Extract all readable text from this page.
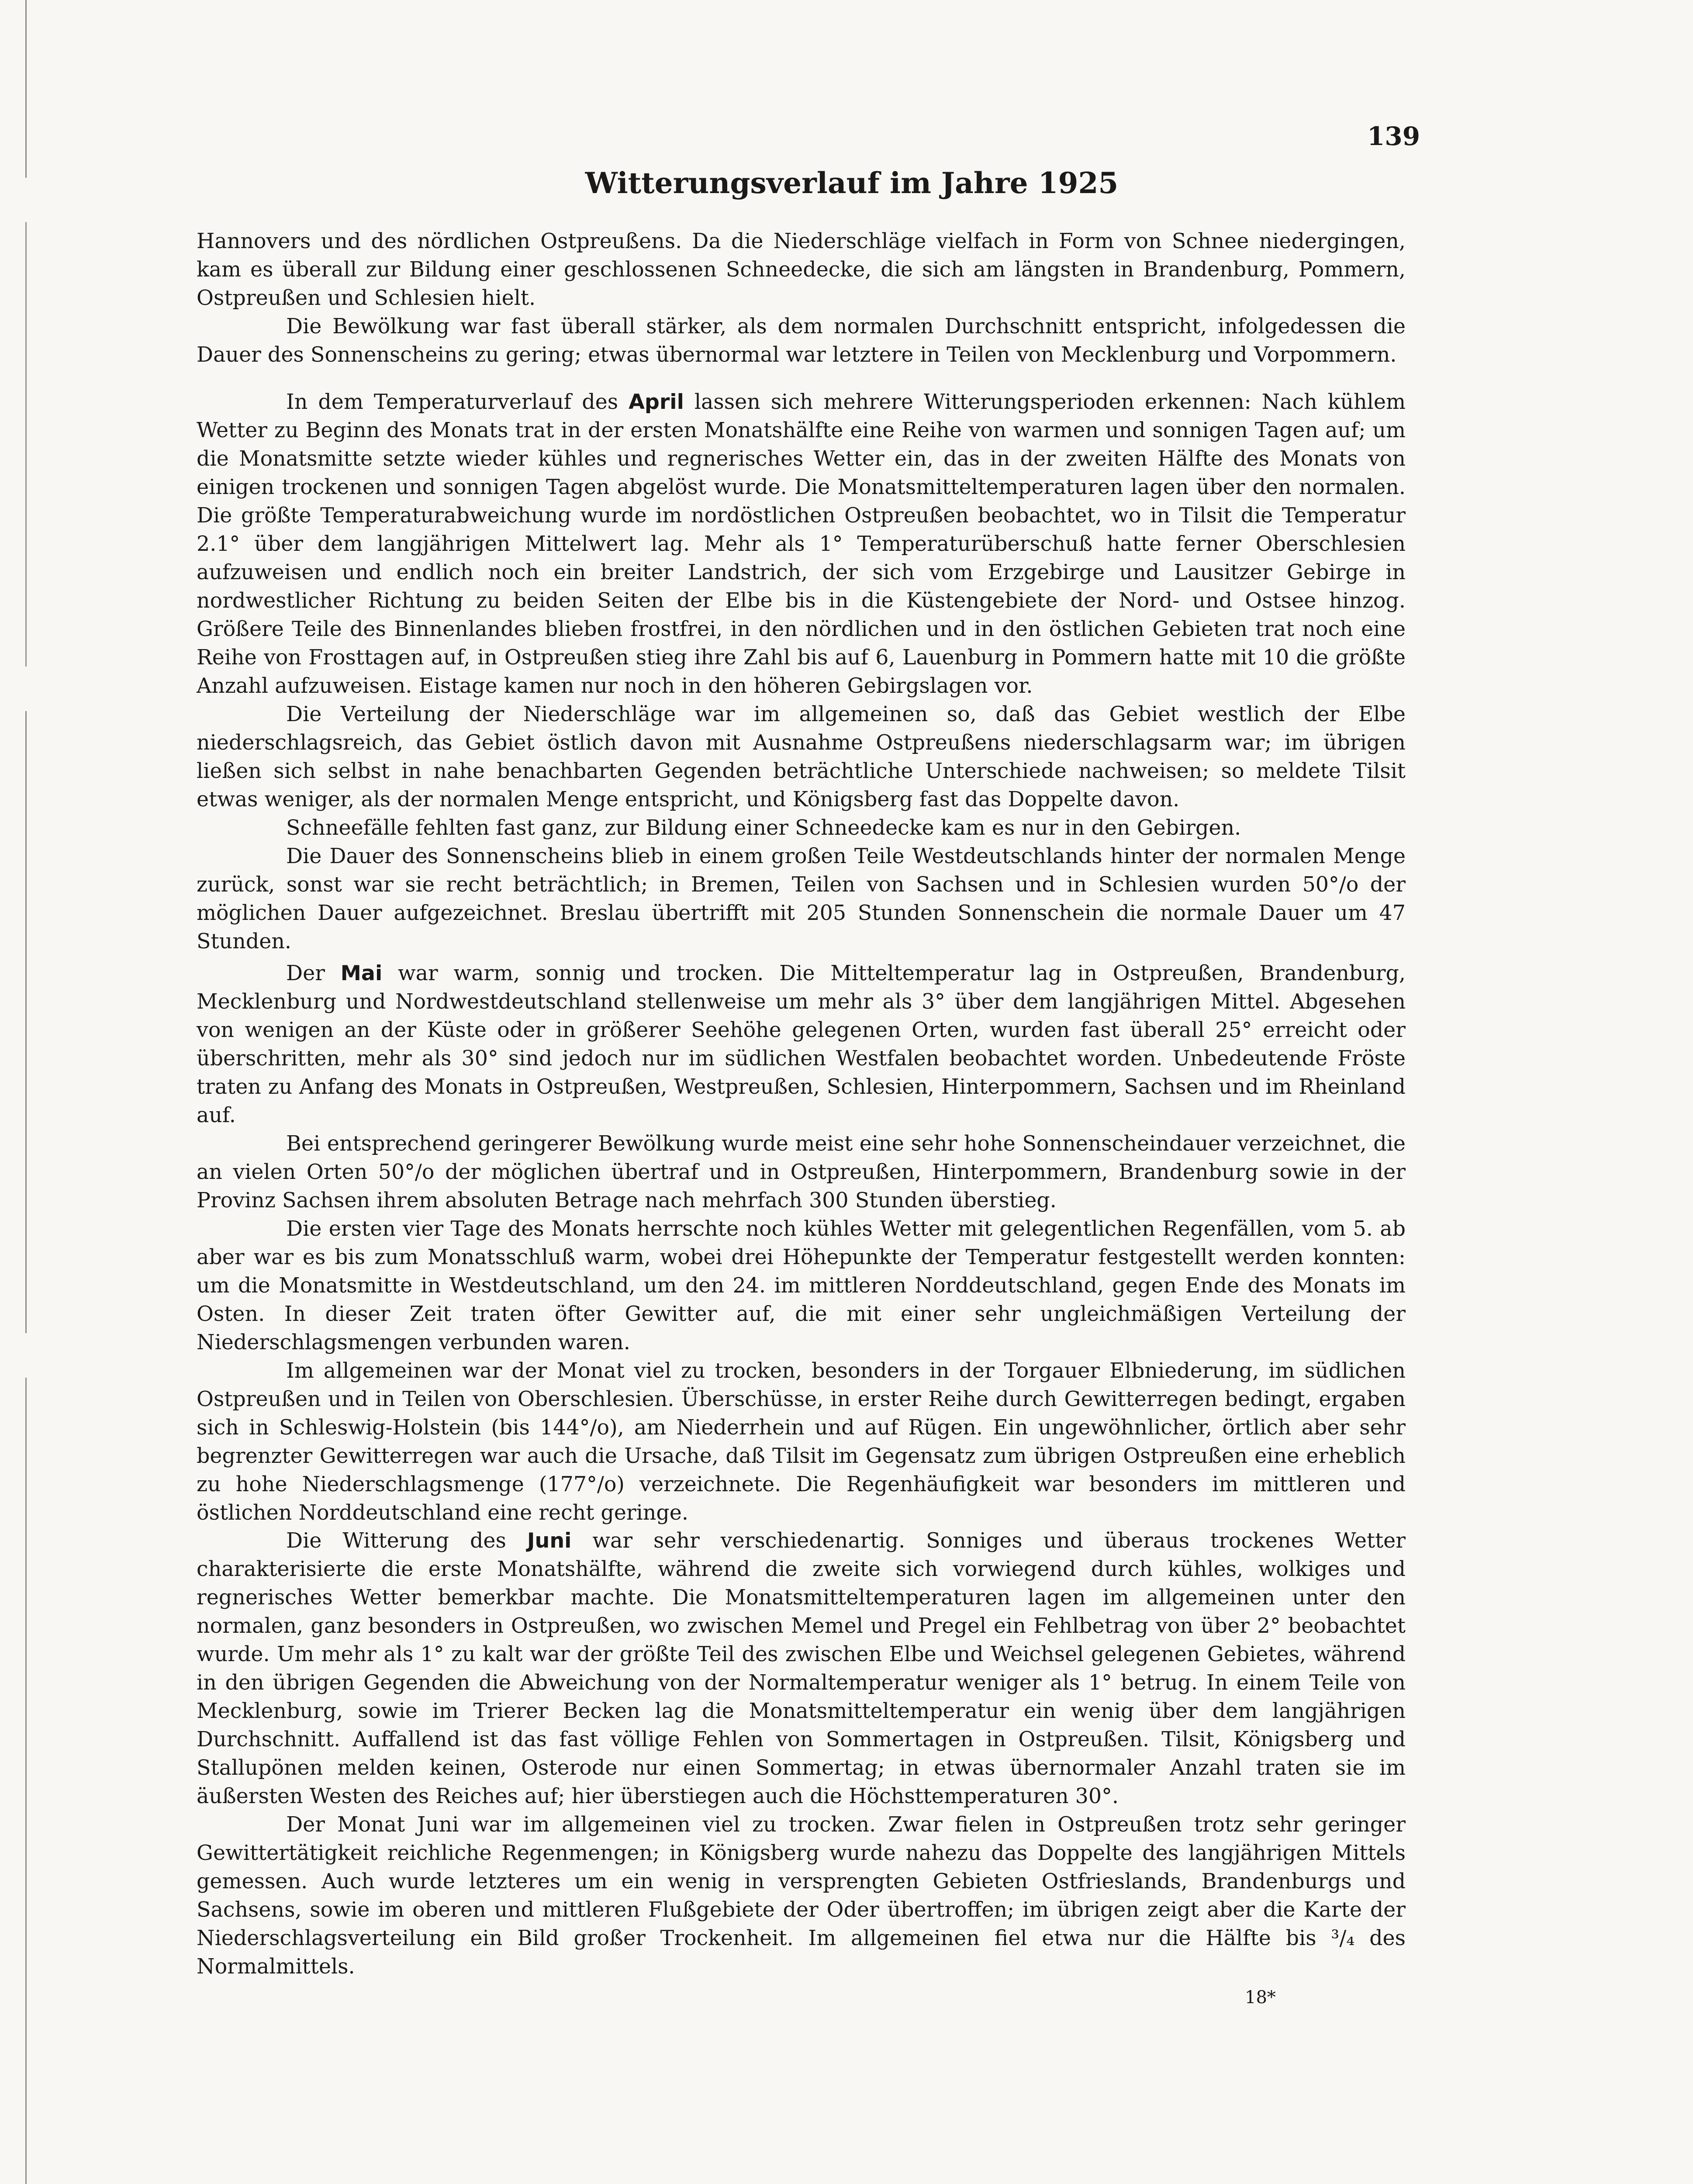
139
Witterungsverlauf im Jahre 1925

Hannovers und des nördlichen Ostpreußens. Da die Niederschläge vielfach in Form von Schnee niedergingen, kam es überall zur Bildung einer geschlossenen Schneedecke, die sich am längsten in Brandenburg, Pommern, Ostpreußen und Schlesien hielt.

Die Bewölkung war fast überall stärker, als dem normalen Durchschnitt entspricht, infolgedessen die Dauer des Sonnenscheins zu gering; etwas übernormal war letztere in Teilen von Mecklenburg und Vorpommern.

In dem Temperaturverlauf des April lassen sich mehrere Witterungsperioden erkennen: Nach kühlem Wetter zu Beginn des Monats trat in der ersten Monatshälfte eine Reihe von warmen und sonnigen Tagen auf; um die Monatsmitte setzte wieder kühles und regnerisches Wetter ein, das in der zweiten Hälfte des Monats von einigen trockenen und sonnigen Tagen abgelöst wurde. Die Monatsmitteltemperaturen lagen über den normalen. Die größte Temperaturabweichung wurde im nordöstlichen Ostpreußen beobachtet, wo in Tilsit die Temperatur 2.1° über dem langjährigen Mittelwert lag. Mehr als 1° Temperaturüberschuß hatte ferner Oberschlesien aufzuweisen und endlich noch ein breiter Landstrich, der sich vom Erzgebirge und Lausitzer Gebirge in nordwestlicher Richtung zu beiden Seiten der Elbe bis in die Küstengebiete der Nord- und Ostsee hinzog. Größere Teile des Binnenlandes blieben frostfrei, in den nördlichen und in den östlichen Gebieten trat noch eine Reihe von Frosttagen auf, in Ostpreußen stieg ihre Zahl bis auf 6, Lauenburg in Pommern hatte mit 10 die größte Anzahl aufzuweisen. Eistage kamen nur noch in den höheren Gebirgslagen vor.

Die Verteilung der Niederschläge war im allgemeinen so, daß das Gebiet westlich der Elbe niederschlagsreich, das Gebiet östlich davon mit Ausnahme Ostpreußens niederschlagsarm war; im übrigen ließen sich selbst in nahe benachbarten Gegenden beträchtliche Unterschiede nachweisen; so meldete Tilsit etwas weniger, als der normalen Menge entspricht, und Königsberg fast das Doppelte davon.

Schneefälle fehlten fast ganz, zur Bildung einer Schneedecke kam es nur in den Gebirgen.

Die Dauer des Sonnenscheins blieb in einem großen Teile Westdeutschlands hinter der normalen Menge zurück, sonst war sie recht beträchtlich; in Bremen, Teilen von Sachsen und in Schlesien wurden 50°/o der möglichen Dauer aufgezeichnet. Breslau übertrifft mit 205 Stunden Sonnenschein die normale Dauer um 47 Stunden.

Der Mai war warm, sonnig und trocken. Die Mitteltemperatur lag in Ostpreußen, Brandenburg, Mecklenburg und Nordwestdeutschland stellenweise um mehr als 3° über dem langjährigen Mittel. Abgesehen von wenigen an der Küste oder in größerer Seehöhe gelegenen Orten, wurden fast überall 25° erreicht oder überschritten, mehr als 30° sind jedoch nur im südlichen Westfalen beobachtet worden. Unbedeutende Fröste traten zu Anfang des Monats in Ostpreußen, Westpreußen, Schlesien, Hinterpommern, Sachsen und im Rheinland auf.

Bei entsprechend geringerer Bewölkung wurde meist eine sehr hohe Sonnenscheindauer verzeichnet, die an vielen Orten 50°/o der möglichen übertraf und in Ostpreußen, Hinterpommern, Brandenburg sowie in der Provinz Sachsen ihrem absoluten Betrage nach mehrfach 300 Stunden überstieg.

Die ersten vier Tage des Monats herrschte noch kühles Wetter mit gelegentlichen Regenfällen, vom 5. ab aber war es bis zum Monatsschluß warm, wobei drei Höhepunkte der Temperatur festgestellt werden konnten: um die Monatsmitte in Westdeutschland, um den 24. im mittleren Norddeutschland, gegen Ende des Monats im Osten. In dieser Zeit traten öfter Gewitter auf, die mit einer sehr ungleichmäßigen Verteilung der Niederschlagsmengen verbunden waren.

Im allgemeinen war der Monat viel zu trocken, besonders in der Torgauer Elbniederung, im südlichen Ostpreußen und in Teilen von Oberschlesien. Überschüsse, in erster Reihe durch Gewitterregen bedingt, ergaben sich in Schleswig-Holstein (bis 144°/o), am Niederrhein und auf Rügen. Ein ungewöhnlicher, örtlich aber sehr begrenzter Gewitterregen war auch die Ursache, daß Tilsit im Gegensatz zum übrigen Ostpreußen eine erheblich zu hohe Niederschlagsmenge (177°/o) verzeichnete. Die Regenhäufigkeit war besonders im mittleren und östlichen Norddeutschland eine recht geringe.

Die Witterung des Juni war sehr verschiedenartig. Sonniges und überaus trockenes Wetter charakterisierte die erste Monatshälfte, während die zweite sich vorwiegend durch kühles, wolkiges und regnerisches Wetter bemerkbar machte. Die Monatsmitteltemperaturen lagen im allgemeinen unter den normalen, ganz besonders in Ostpreußen, wo zwischen Memel und Pregel ein Fehlbetrag von über 2° beobachtet wurde. Um mehr als 1° zu kalt war der größte Teil des zwischen Elbe und Weichsel gelegenen Gebietes, während in den übrigen Gegenden die Abweichung von der Normaltemperatur weniger als 1° betrug. In einem Teile von Mecklenburg, sowie im Trierer Becken lag die Monatsmitteltemperatur ein wenig über dem langjährigen Durchschnitt. Auffallend ist das fast völlige Fehlen von Sommertagen in Ostpreußen. Tilsit, Königsberg und Stallupönen melden keinen, Osterode nur einen Sommertag; in etwas übernormaler Anzahl traten sie im äußersten Westen des Reiches auf; hier überstiegen auch die Höchsttemperaturen 30°.

Der Monat Juni war im allgemeinen viel zu trocken. Zwar fielen in Ostpreußen trotz sehr geringer Gewittertätigkeit reichliche Regenmengen; in Königsberg wurde nahezu das Doppelte des langjährigen Mittels gemessen. Auch wurde letzteres um ein wenig in versprengten Gebieten Ostfrieslands, Brandenburgs und Sachsens, sowie im oberen und mittleren Flußgebiete der Oder übertroffen; im übrigen zeigt aber die Karte der Niederschlagsverteilung ein Bild großer Trockenheit. Im allgemeinen fiel etwa nur die Hälfte bis ³/₄ des Normalmittels.

18*
